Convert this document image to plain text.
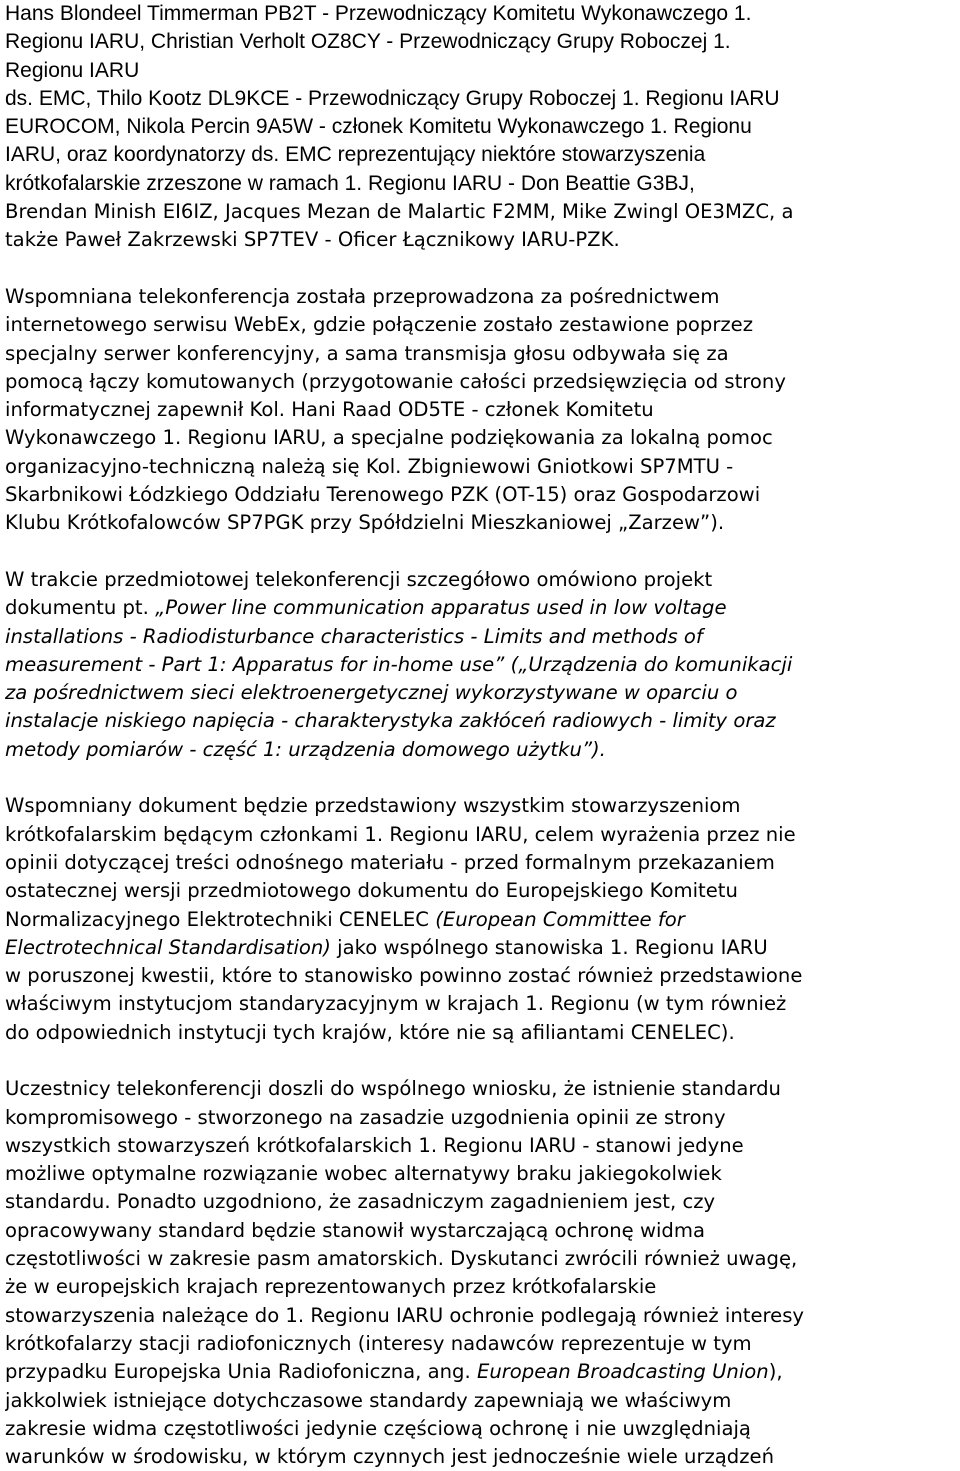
Hans Blondeel Timmerman PB2T - Przewodniczący Komitetu Wykonawczego 1.
Regionu IARU, Christian Verholt OZ8CY - Przewodniczący Grupy Roboczej 1.
Regionu IARU
ds. EMC, Thilo Kootz DL9KCE - Przewodniczący Grupy Roboczej 1. Regionu IARU
EUROCOM, Nikola Percin 9A5W - członek Komitetu Wykonawczego 1. Regionu
IARU, oraz koordynatorzy ds. EMC reprezentujący niektóre stowarzyszenia
krótkofalarskie zrzeszone w ramach 1. Regionu IARU - Don Beattie G3BJ,
Brendan Minish EI6IZ, Jacques Mezan de Malartic F2MM, Mike Zwingl OE3MZC, a
także Paweł Zakrzewski SP7TEV - Oficer Łącznikowy IARU-PZK.
Wspomniana telekonferencja została przeprowadzona za pośrednictwem
internetowego serwisu WebEx, gdzie połączenie zostało zestawione poprzez
specjalny serwer konferencyjny, a sama transmisja głosu odbywała się za
pomocą łączy komutowanych (przygotowanie całości przedsięwzięcia od strony
informatycznej zapewnił Kol. Hani Raad OD5TE - członek Komitetu
Wykonawczego 1. Regionu IARU, a specjalne podziękowania za lokalną pomoc
organizacyjno-techniczną należą się Kol. Zbigniewowi Gniotkowi SP7MTU -
Skarbnikowi Łódzkiego Oddziału Terenowego PZK (OT-15) oraz Gospodarzowi
Klubu Krótkofalowców SP7PGK przy Spółdzielni Mieszkaniowej „Zarzew”).
W trakcie przedmiotowej telekonferencji szczegółowo omówiono projekt
dokumentu pt. „Power line communication apparatus used in low voltage
installations - Radiodisturbance characteristics - Limits and methods of
measurement - Part 1: Apparatus for in-home use” („Urządzenia do komunikacji
za pośrednictwem sieci elektroenergetycznej wykorzystywane w oparciu o
instalacje niskiego napięcia - charakterystyka zakłóceń radiowych - limity oraz
metody pomiarów - część 1: urządzenia domowego użytku”).
Wspomniany dokument będzie przedstawiony wszystkim stowarzyszeniom
krótkofalarskim będącym członkami 1. Regionu IARU, celem wyrażenia przez nie
opinii dotyczącej treści odnośnego materiału - przed formalnym przekazaniem
ostatecznej wersji przedmiotowego dokumentu do Europejskiego Komitetu
Normalizacyjnego Elektrotechniki CENELEC (European Committee for
Electrotechnical Standardisation) jako wspólnego stanowiska 1. Regionu IARU
w poruszonej kwestii, które to stanowisko powinno zostać również przedstawione
właściwym instytucjom standaryzacyjnym w krajach 1. Regionu (w tym również
do odpowiednich instytucji tych krajów, które nie są afiliantami CENELEC).
Uczestnicy telekonferencji doszli do wspólnego wniosku, że istnienie standardu
kompromisowego - stworzonego na zasadzie uzgodnienia opinii ze strony
wszystkich stowarzyszeń krótkofalarskich 1. Regionu IARU - stanowi jedyne
możliwe optymalne rozwiązanie wobec alternatywy braku jakiegokolwiek
standardu. Ponadto uzgodniono, że zasadniczym zagadnieniem jest, czy
opracowywany standard będzie stanowił wystarczającą ochronę widma
częstotliwości w zakresie pasm amatorskich. Dyskutanci zwrócili również uwagę,
że w europejskich krajach reprezentowanych przez krótkofalarskie
stowarzyszenia należące do 1. Regionu IARU ochronie podlegają również interesy
krótkofalarzy stacji radiofonicznych (interesy nadawców reprezentuje w tym
przypadku Europejska Unia Radiofoniczna, ang. European Broadcasting Union),
jakkolwiek istniejące dotychczasowe standardy zapewniają we właściwym
zakresie widma częstotliwości jedynie częściową ochronę i nie uwzględniają
warunków w środowisku, w którym czynnych jest jednocześnie wiele urządzeń
